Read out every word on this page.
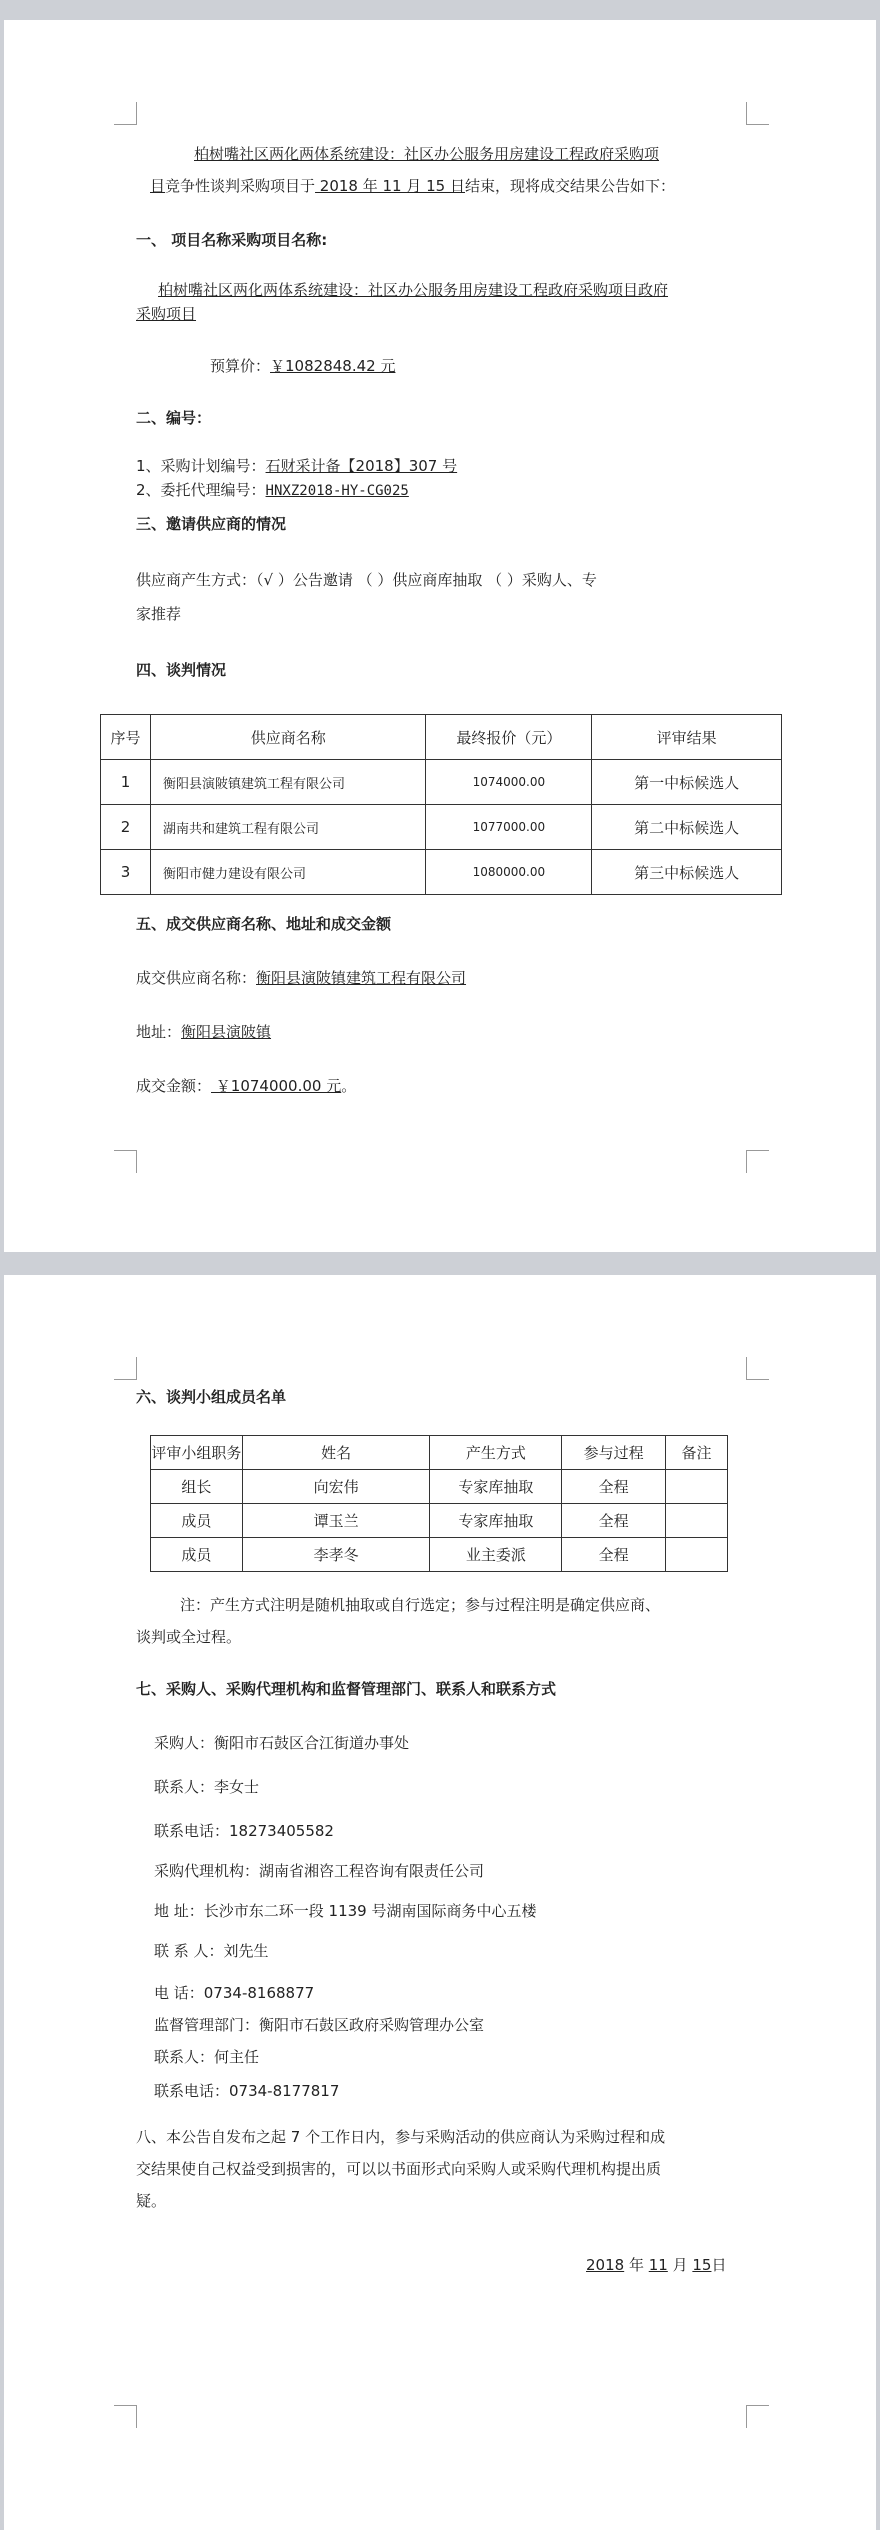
柏树嘴社区两化两体系统建设：社区办公服务用房建设工程政府采购项
目竞争性谈判采购项目于 2018 年 11 月 15 日结束，现将成交结果公告如下：
一、 项目名称采购项目名称:
柏树嘴社区两化两体系统建设：社区办公服务用房建设工程政府采购项目政府
采购项目
预算价：￥1082848.42 元
二、编号：
1、采购计划编号：石财采计备【2018】307 号
2、委托代理编号：HNXZ2018-HY-CG025
三、邀请供应商的情况
供应商产生方式：（√ ）公告邀请 （ ）供应商库抽取 （ ）采购人、专
家推荐
四、谈判情况
序号	供应商名称	最终报价（元）	评审结果
1	衡阳县演陂镇建筑工程有限公司	1074000.00	第一中标候选人
2	湖南共和建筑工程有限公司	1077000.00	第二中标候选人
3	衡阳市健力建设有限公司	1080000.00	第三中标候选人
五、成交供应商名称、地址和成交金额
成交供应商名称：衡阳县演陂镇建筑工程有限公司
地址：衡阳县演陂镇
成交金额： ￥1074000.00 元。
六、谈判小组成员名单
评审小组职务	姓名	产生方式	参与过程	备注
组长	向宏伟	专家库抽取	全程	
成员	谭玉兰	专家库抽取	全程	
成员	李孝冬	业主委派	全程	
注：产生方式注明是随机抽取或自行选定；参与过程注明是确定供应商、
谈判或全过程。
七、采购人、采购代理机构和监督管理部门、联系人和联系方式
采购人：衡阳市石鼓区合江街道办事处
联系人：李女士
联系电话：18273405582
采购代理机构：湖南省湘咨工程咨询有限责任公司
地 址：长沙市东二环一段 1139 号湖南国际商务中心五楼
联 系 人：刘先生
电 话：0734-8168877
监督管理部门：衡阳市石鼓区政府采购管理办公室
联系人：何主任
联系电话：0734-8177817
八、本公告自发布之起 7 个工作日内，参与采购活动的供应商认为采购过程和成
交结果使自己权益受到损害的，可以以书面形式向采购人或采购代理机构提出质
疑。
2018 年 11 月 15日
